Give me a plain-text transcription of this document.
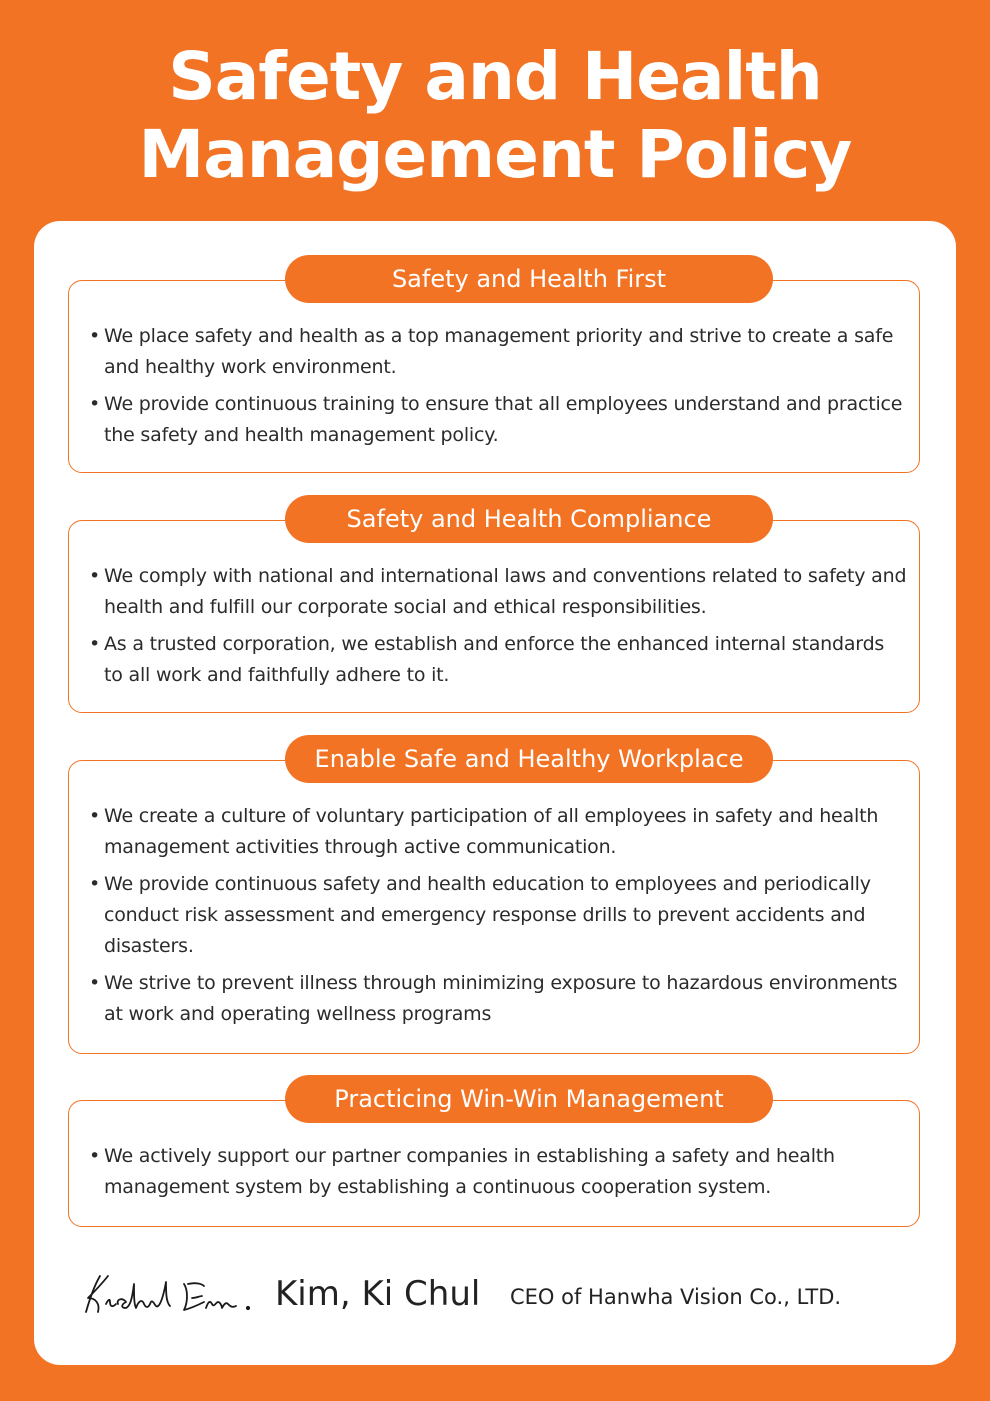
Safety and Health
Management Policy
Safety and Health First
• We place safety and health as a top management priority and strive to create a safe and healthy work environment.
• We provide continuous training to ensure that all employees understand and practice the safety and health management policy.
Safety and Health Compliance
• We comply with national and international laws and conventions related to safety and health and fulfill our corporate social and ethical responsibilities.
• As a trusted corporation, we establish and enforce the enhanced internal standards to all work and faithfully adhere to it.
Enable Safe and Healthy Workplace
• We create a culture of voluntary participation of all employees in safety and health management activities through active communication.
• We provide continuous safety and health education to employees and periodically conduct risk assessment and emergency response drills to prevent accidents and disasters.
• We strive to prevent illness through minimizing exposure to hazardous environments at work and operating wellness programs
Practicing Win-Win Management
• We actively support our partner companies in establishing a safety and health management system by establishing a continuous cooperation system.
Kim, Ki Chul CEO of Hanwha Vision Co., LTD.
